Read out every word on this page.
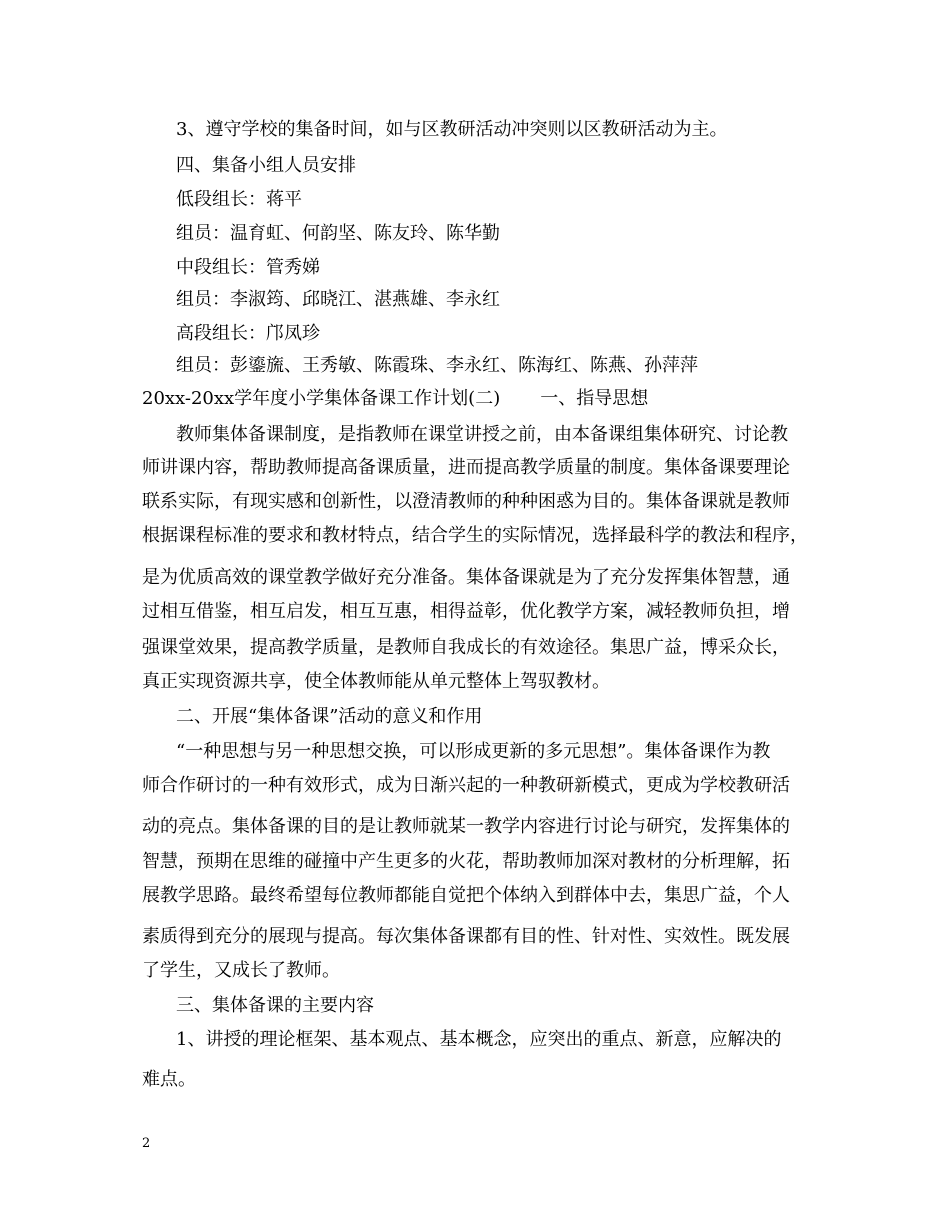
3、遵守学校的集备时间，如与区教研活动冲突则以区教研活动为主。
四、集备小组人员安排
低段组长：蒋平
组员：温育虹、何韵坚、陈友玲、陈华勤
中段组长：管秀娣
组员：李淑筠、邱晓江、湛燕雄、李永红
高段组长：邝凤珍
组员：彭鎏旒、王秀敏、陈霞珠、李永红、陈海红、陈燕、孙萍萍
20xx-20xx学年度小学集体备课工作计划(二) 一、指导思想
教师集体备课制度，是指教师在课堂讲授之前，由本备课组集体研究、讨论教
师讲课内容，帮助教师提高备课质量，进而提高教学质量的制度。集体备课要理论
联系实际，有现实感和创新性，以澄清教师的种种困惑为目的。集体备课就是教师
根据课程标准的要求和教材特点，结合学生的实际情况，选择最科学的教法和程序，
是为优质高效的课堂教学做好充分准备。集体备课就是为了充分发挥集体智慧，通
过相互借鉴，相互启发，相互互惠，相得益彰，优化教学方案，减轻教师负担，增
强课堂效果，提高教学质量，是教师自我成长的有效途径。集思广益，博采众长，
真正实现资源共享，使全体教师能从单元整体上驾驭教材。
二、开展“集体备课”活动的意义和作用
“一种思想与另一种思想交换，可以形成更新的多元思想”。集体备课作为教
师合作研讨的一种有效形式，成为日渐兴起的一种教研新模式，更成为学校教研活
动的亮点。集体备课的目的是让教师就某一教学内容进行讨论与研究，发挥集体的
智慧，预期在思维的碰撞中产生更多的火花，帮助教师加深对教材的分析理解，拓
展教学思路。最终希望每位教师都能自觉把个体纳入到群体中去，集思广益，个人
素质得到充分的展现与提高。每次集体备课都有目的性、针对性、实效性。既发展
了学生，又成长了教师。
三、集体备课的主要内容
1、讲授的理论框架、基本观点、基本概念，应突出的重点、新意，应解决的
难点。
2
